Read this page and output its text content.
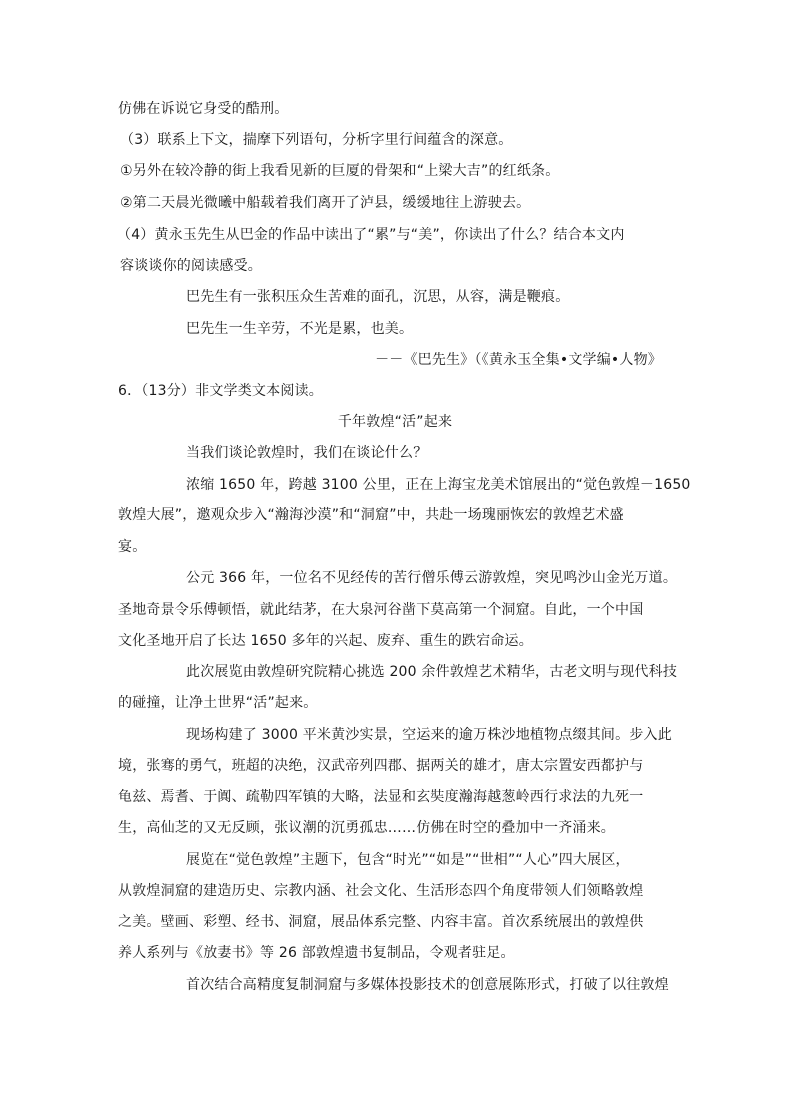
仿佛在诉说它身受的酷刑。
（3）联系上下文，揣摩下列语句，分析字里行间蕴含的深意。
①另外在较冷静的街上我看见新的巨厦的骨架和“上梁大吉”的红纸条。
②第二天晨光微曦中船载着我们离开了泸县，缓缓地往上游驶去。
（4）黄永玉先生从巴金的作品中读出了“累”与“美”，你读出了什么？结合本文内
容谈谈你的阅读感受。
巴先生有一张积压众生苦难的面孔，沉思，从容，满是鞭痕。
巴先生一生辛劳，不光是累，也美。
－－《巴先生》（《黄永玉全集•文学编•人物》
6．（13分）非文学类文本阅读。
千年敦煌“活”起来
当我们谈论敦煌时，我们在谈论什么？
浓缩 1650 年，跨越 3100 公里，正在上海宝龙美术馆展出的“觉色敦煌－1650
敦煌大展”，邀观众步入“瀚海沙漠”和“洞窟”中，共赴一场瑰丽恢宏的敦煌艺术盛
宴。
公元 366 年，一位名不见经传的苦行僧乐傅云游敦煌，突见鸣沙山金光万道。
圣地奇景令乐傅顿悟，就此结茅，在大泉河谷凿下莫高第一个洞窟。自此，一个中国
文化圣地开启了长达 1650 多年的兴起、废弃、重生的跌宕命运。
此次展览由敦煌研究院精心挑选 200 余件敦煌艺术精华，古老文明与现代科技
的碰撞，让净土世界“活”起来。
现场构建了 3000 平米黄沙实景，空运来的逾万株沙地植物点缀其间。步入此
境，张骞的勇气，班超的决绝，汉武帝列四郡、据两关的雄才，唐太宗置安西都护与
龟兹、焉耆、于阗、疏勒四军镇的大略，法显和玄奘度瀚海越葱岭西行求法的九死一
生，高仙芝的又无反顾，张议潮的沉勇孤忠……仿佛在时空的叠加中一齐涌来。
展览在“觉色敦煌”主题下，包含“时光”“如是”“世相”“人心”四大展区，
从敦煌洞窟的建造历史、宗教内涵、社会文化、生活形态四个角度带领人们领略敦煌
之美。壁画、彩塑、经书、洞窟，展品体系完整、内容丰富。首次系统展出的敦煌供
养人系列与《放妻书》等 26 部敦煌遗书复制品，令观者驻足。
首次结合高精度复制洞窟与多媒体投影技术的创意展陈形式，打破了以往敦煌
